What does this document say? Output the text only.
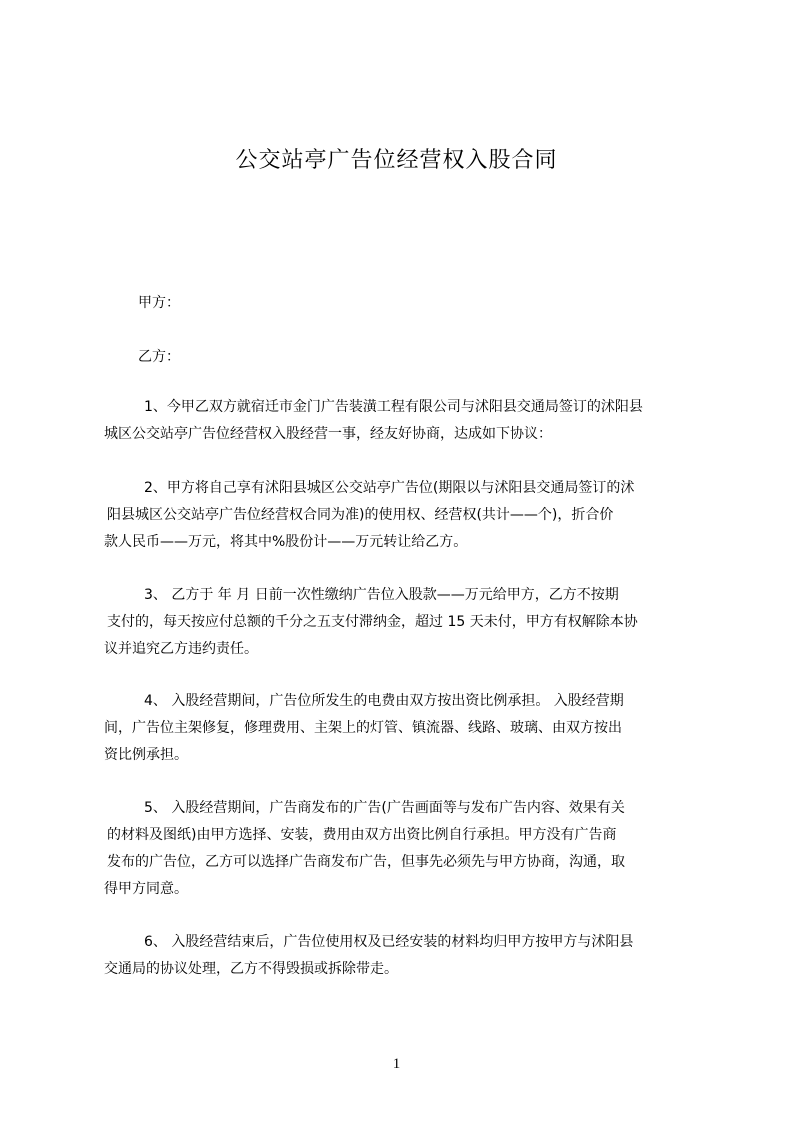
公交站亭广告位经营权入股合同
甲方：
乙方：
1、今甲乙双方就宿迁市金门广告装潢工程有限公司与沭阳县交通局签订的沭阳县
城区公交站亭广告位经营权入股经营一事，经友好协商，达成如下协议：
2、甲方将自己享有沭阳县城区公交站亭广告位(期限以与沭阳县交通局签订的沭
阳县城区公交站亭广告位经营权合同为准)的使用权、经营权(共计——个)，折合价
款人民币——万元，将其中%股份计——万元转让给乙方。
3、 乙方于 年 月 日前一次性缴纳广告位入股款——万元给甲方，乙方不按期
支付的，每天按应付总额的千分之五支付滞纳金，超过 15 天未付，甲方有权解除本协
议并追究乙方违约责任。
4、 入股经营期间，广告位所发生的电费由双方按出资比例承担。 入股经营期
间，广告位主架修复，修理费用、主架上的灯管、镇流器、线路、玻璃、由双方按出
资比例承担。
5、 入股经营期间，广告商发布的广告(广告画面等与发布广告内容、效果有关
的材料及图纸)由甲方选择、安装，费用由双方出资比例自行承担。甲方没有广告商
发布的广告位，乙方可以选择广告商发布广告，但事先必须先与甲方协商，沟通，取
得甲方同意。
6、 入股经营结束后，广告位使用权及已经安装的材料均归甲方按甲方与沭阳县
交通局的协议处理，乙方不得毁损或拆除带走。
1
